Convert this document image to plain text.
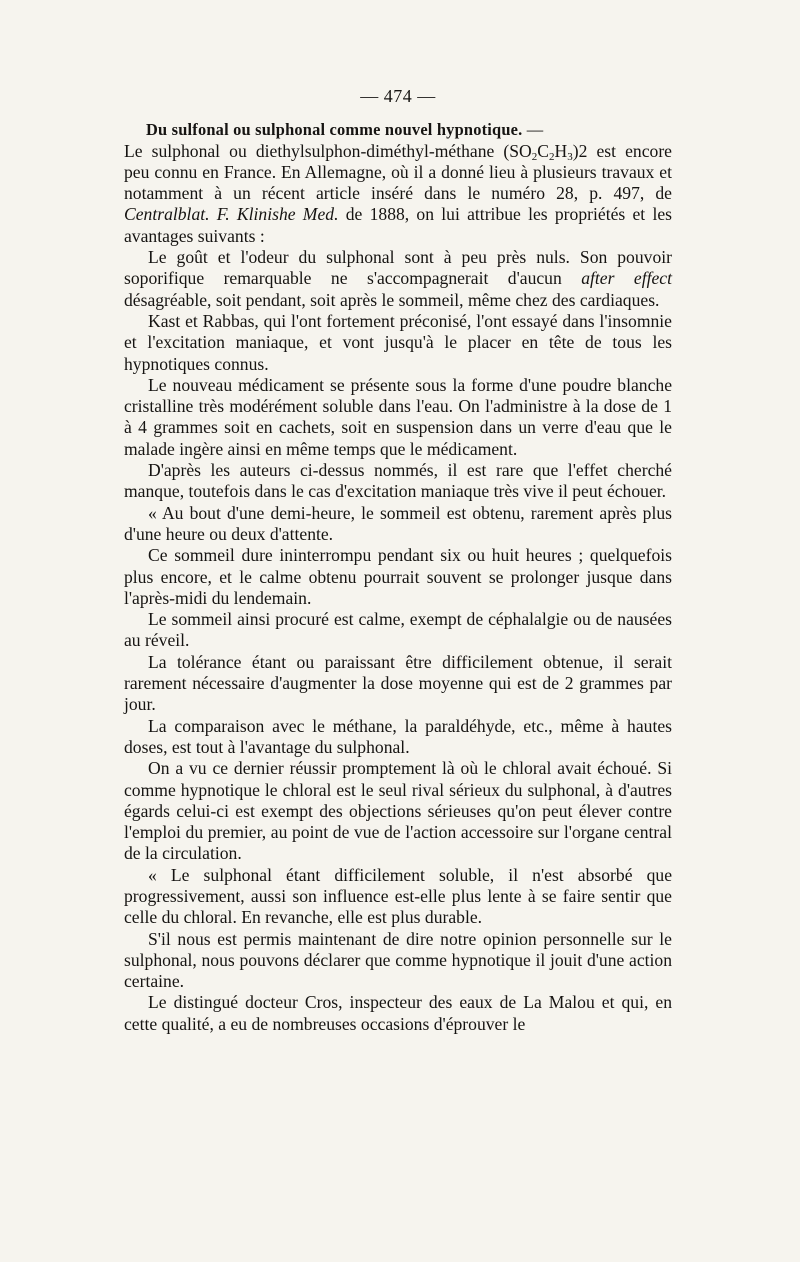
— 474 —
Du sulfonal ou sulphonal comme nouvel hypnotique. —

Le sulphonal ou diethylsulphon-diméthyl-méthane $(SO_2C_2H_3)2$ est encore peu connu en France. En Allemagne, où il a donné lieu à plusieurs travaux et notamment à un récent article inséré dans le numéro 28, p. 497, de Centralblat. F. Klinishe Med. de 1888, on lui attribue les propriétés et les avantages suivants :

Le goût et l'odeur du sulphonal sont à peu près nuls. Son pouvoir soporifique remarquable ne s'accompagnerait d'aucun after effect désagréable, soit pendant, soit après le sommeil, même chez des cardiaques.

Kast et Rabbas, qui l'ont fortement préconisé, l'ont essayé dans l'insomnie et l'excitation maniaque, et vont jusqu'à le placer en tête de tous les hypnotiques connus.

Le nouveau médicament se présente sous la forme d'une poudre blanche cristalline très modérément soluble dans l'eau. On l'administre à la dose de 1 à 4 grammes soit en cachets, soit en suspension dans un verre d'eau que le malade ingère ainsi en même temps que le médicament.

D'après les auteurs ci-dessus nommés, il est rare que l'effet cherché manque, toutefois dans le cas d'excitation maniaque très vive il peut échouer.

« Au bout d'une demi-heure, le sommeil est obtenu, rarement après plus d'une heure ou deux d'attente.

Ce sommeil dure ininterrompu pendant six ou huit heures ; quelquefois plus encore, et le calme obtenu pourrait souvent se prolonger jusque dans l'après-midi du lendemain.

Le sommeil ainsi procuré est calme, exempt de céphalalgie ou de nausées au réveil.

La tolérance étant ou paraissant être difficilement obtenue, il serait rarement nécessaire d'augmenter la dose moyenne qui est de 2 grammes par jour.

La comparaison avec le méthane, la paraldéhyde, etc., même à hautes doses, est tout à l'avantage du sulphonal.

On a vu ce dernier réussir promptement là où le chloral avait échoué. Si comme hypnotique le chloral est le seul rival sérieux du sulphonal, à d'autres égards celui-ci est exempt des objections sérieuses qu'on peut élever contre l'emploi du premier, au point de vue de l'action accessoire sur l'organe central de la circulation.

« Le sulphonal étant difficilement soluble, il n'est absorbé que progressivement, aussi son influence est-elle plus lente à se faire sentir que celle du chloral. En revanche, elle est plus durable.

S'il nous est permis maintenant de dire notre opinion personnelle sur le sulphonal, nous pouvons déclarer que comme hypnotique il jouit d'une action certaine.

Le distingué docteur Cros, inspecteur des eaux de La Malou et qui, en cette qualité, a eu de nombreuses occasions d'éprouver le
